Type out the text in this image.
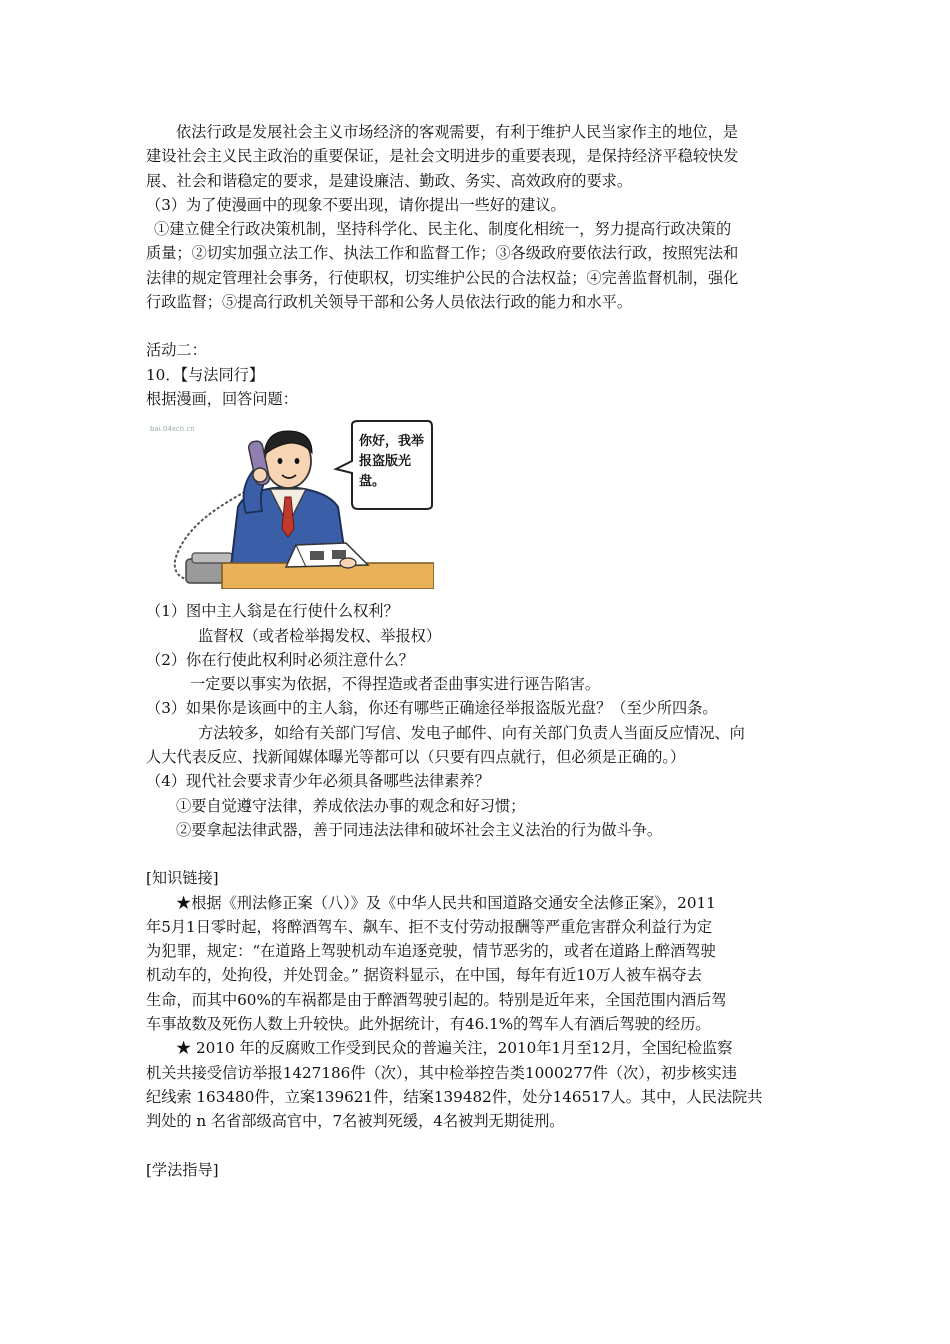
依法行政是发展社会主义市场经济的客观需要，有利于维护人民当家作主的地位，是
建设社会主义民主政治的重要保证，是社会文明进步的重要表现，是保持经济平稳较快发
展、社会和谐稳定的要求，是建设廉洁、勤政、务实、高效政府的要求。
（3）为了使漫画中的现象不要出现，请你提出一些好的建议。
①建立健全行政决策机制，坚持科学化、民主化、制度化相统一，努力提高行政决策的
质量；②切实加强立法工作、执法工作和监督工作；③各级政府要依法行政，按照宪法和
法律的规定管理社会事务，行使职权，切实维护公民的合法权益；④完善监督机制，强化
行政监督；⑤提高行政机关领导干部和公务人员依法行政的能力和水平。
活动二：
10．【与法同行】
根据漫画，回答问题：
bai.04xcn.cn
你好，我举报盗版光盘。
（1）图中主人翁是在行使什么权利？
监督权（或者检举揭发权、举报权）
（2）你在行使此权利时必须注意什么？
一定要以事实为依据，不得捏造或者歪曲事实进行诬告陷害。
（3）如果你是该画中的主人翁，你还有哪些正确途径举报盗版光盘？（至少所四条。
方法较多，如给有关部门写信、发电子邮件、向有关部门负责人当面反应情况、向
人大代表反应、找新闻媒体曝光等都可以（只要有四点就行，但必须是正确的。）
（4）现代社会要求青少年必须具备哪些法律素养？
①要自觉遵守法律，养成依法办事的观念和好习惯；
②要拿起法律武器，善于同违法法律和破坏社会主义法治的行为做斗争。
[知识链接]
★根据《刑法修正案（八）》及《中华人民共和国道路交通安全法修正案》，2011
年5月1日零时起，将醉酒驾车、飙车、拒不支付劳动报酬等严重危害群众利益行为定
为犯罪，规定：“在道路上驾驶机动车追逐竞驶，情节恶劣的，或者在道路上醉酒驾驶
机动车的，处拘役，并处罚金。” 据资料显示，在中国，每年有近10万人被车祸夺去
生命，而其中60%的车祸都是由于醉酒驾驶引起的。特别是近年来，全国范围内酒后驾
车事故数及死伤人数上升较快。此外据统计，有46.1%的驾车人有酒后驾驶的经历。
★ 2010 年的反腐败工作受到民众的普遍关注，2010年1月至12月，全国纪检监察
机关共接受信访举报1427186件（次），其中检举控告类1000277件（次），初步核实违
纪线索 163480件，立案139621件，结案139482件，处分146517人。其中，人民法院共
判处的 n 名省部级高官中，7名被判死缓，4名被判无期徒刑。
[学法指导]
